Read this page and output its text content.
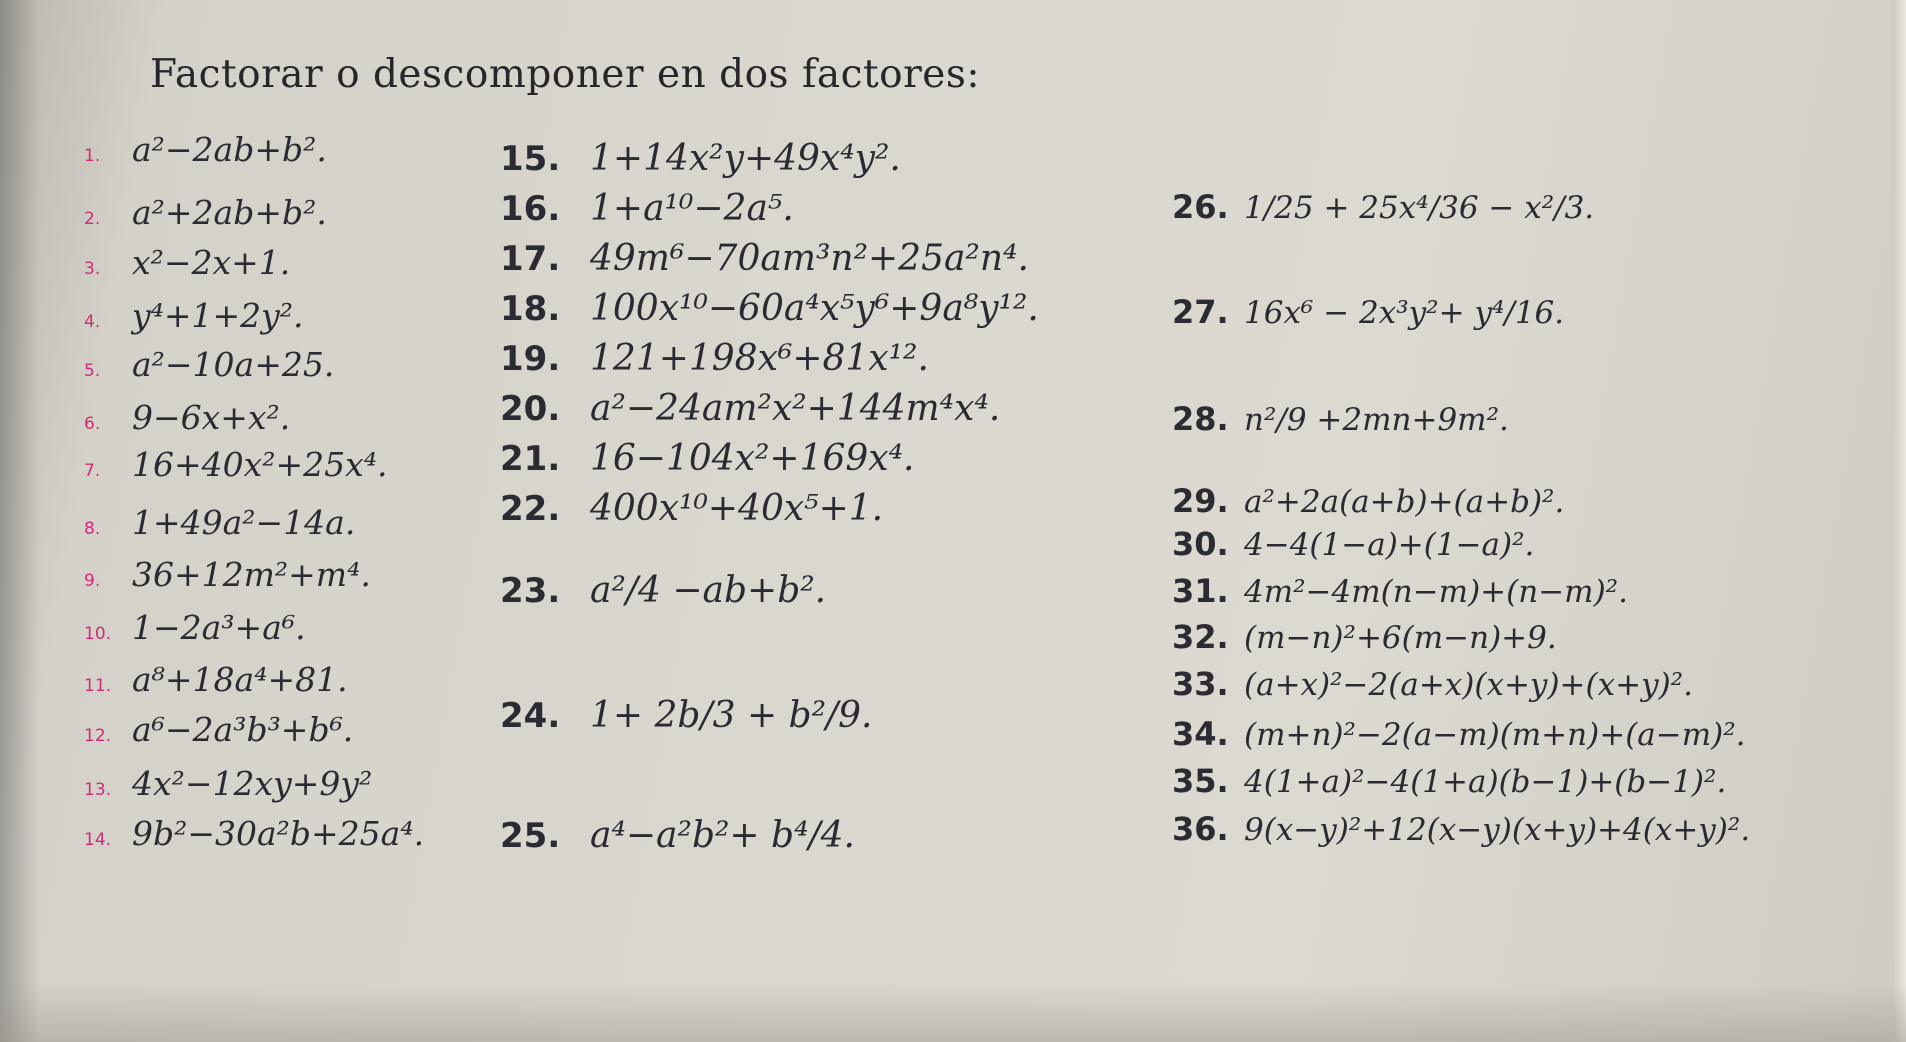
Factorar o descomponer en dos factores:
1. a²−2ab+b².
2. a²+2ab+b².
3. x²−2x+1.
4. y⁴+1+2y².
5. a²−10a+25.
6. 9−6x+x².
7. 16+40x²+25x⁴.
8. 1+49a²−14a.
9. 36+12m²+m⁴.
10. 1−2a³+a⁶.
11. a⁸+18a⁴+81.
12. a⁶−2a³b³+b⁶.
13. 4x²−12xy+9y²
14. 9b²−30a²b+25a⁴.
15. 1+14x²y+49x⁴y².
16. 1+a¹⁰−2a⁵.
17. 49m⁶−70am³n²+25a²n⁴.
18. 100x¹⁰−60a⁴x⁵y⁶+9a⁸y¹².
19. 121+198x⁶+81x¹².
20. a²−24am²x²+144m⁴x⁴.
21. 16−104x²+169x⁴.
22. 400x¹⁰+40x⁵+1.
23. a²/4 −ab+b².
24. 1+ 2b/3 + b²/9.
25. a⁴−a²b²+ b⁴/4.
26. 1/25 + 25x⁴/36 − x²/3.
27. 16x⁶ − 2x³y²+ y⁴/16.
28. n²/9 +2mn+9m².
29. a²+2a(a+b)+(a+b)².
30. 4−4(1−a)+(1−a)².
31. 4m²−4m(n−m)+(n−m)².
32. (m−n)²+6(m−n)+9.
33. (a+x)²−2(a+x)(x+y)+(x+y)².
34. (m+n)²−2(a−m)(m+n)+(a−m)².
35. 4(1+a)²−4(1+a)(b−1)+(b−1)².
36. 9(x−y)²+12(x−y)(x+y)+4(x+y)².
